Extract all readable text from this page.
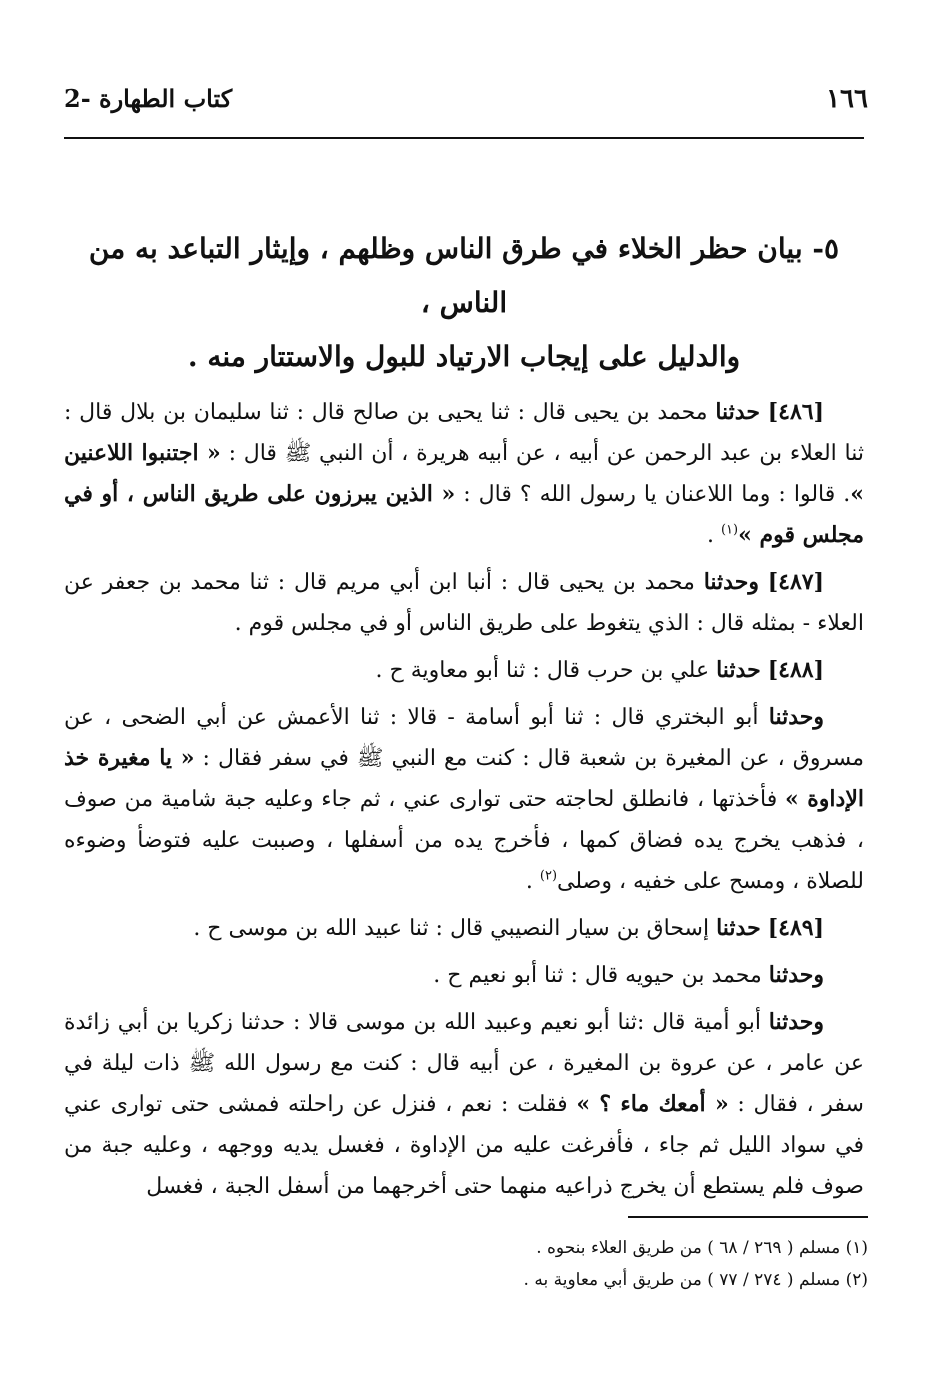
١٦٦
2- كتاب الطهارة
٥- بيان حظر الخلاء في طرق الناس وظلهم ، وإيثار التباعد به من الناس ،
والدليل على إيجاب الارتياد للبول والاستتار منه .

[٤٨٦] حدثنا محمد بن يحيى قال : ثنا يحيى بن صالح قال : ثنا سليمان بن بلال قال : ثنا العلاء بن عبد الرحمن عن أبيه ، عن أبيه هريرة ، أن النبي ﷺ قال : « اجتنبوا اللاعنين ». قالوا : وما اللاعنان يا رسول الله ؟ قال : « الذين يبرزون على طريق الناس ، أو في مجلس قوم »$^{(١)}$ .

[٤٨٧] وحدثنا محمد بن يحيى قال : أنبا ابن أبي مريم قال : ثنا محمد بن جعفر عن العلاء - بمثله قال : الذي يتغوط على طريق الناس أو في مجلس قوم .

[٤٨٨] حدثنا علي بن حرب قال : ثنا أبو معاوية ح .

وحدثنا أبو البختري قال : ثنا أبو أسامة - قالا : ثنا الأعمش عن أبي الضحى ، عن مسروق ، عن المغيرة بن شعبة قال : كنت مع النبي ﷺ في سفر فقال : « يا مغيرة خذ الإداوة » فأخذتها ، فانطلق لحاجته حتى توارى عني ، ثم جاء وعليه جبة شامية من صوف ، فذهب يخرج يده فضاق كمها ، فأخرج يده من أسفلها ، وصببت عليه فتوضأ وضوءه للصلاة ، ومسح على خفيه ، وصلى$^{(٢)}$ .

[٤٨٩] حدثنا إسحاق بن سيار النصيبي قال : ثنا عبيد الله بن موسى ح .

وحدثنا محمد بن حيويه قال : ثنا أبو نعيم ح .

وحدثنا أبو أمية قال :ثنا أبو نعيم وعبيد الله بن موسى قالا : حدثنا زكريا بن أبي زائدة عن عامر ، عن عروة بن المغيرة ، عن أبيه قال : كنت مع رسول الله ﷺ ذات ليلة في سفر ، فقال : « أمعك ماء ؟ » فقلت : نعم ، فنزل عن راحلته فمشى حتى توارى عني في سواد الليل ثم جاء ، فأفرغت عليه من الإداوة ، فغسل يديه ووجهه ، وعليه جبة من صوف فلم يستطع أن يخرج ذراعيه منهما حتى أخرجهما من أسفل الجبة ، فغسل

(١) مسلم ( ٢٦٩ / ٦٨ ) من طريق العلاء بنحوه .
(٢) مسلم ( ٢٧٤ / ٧٧ ) من طريق أبي معاوية به .
